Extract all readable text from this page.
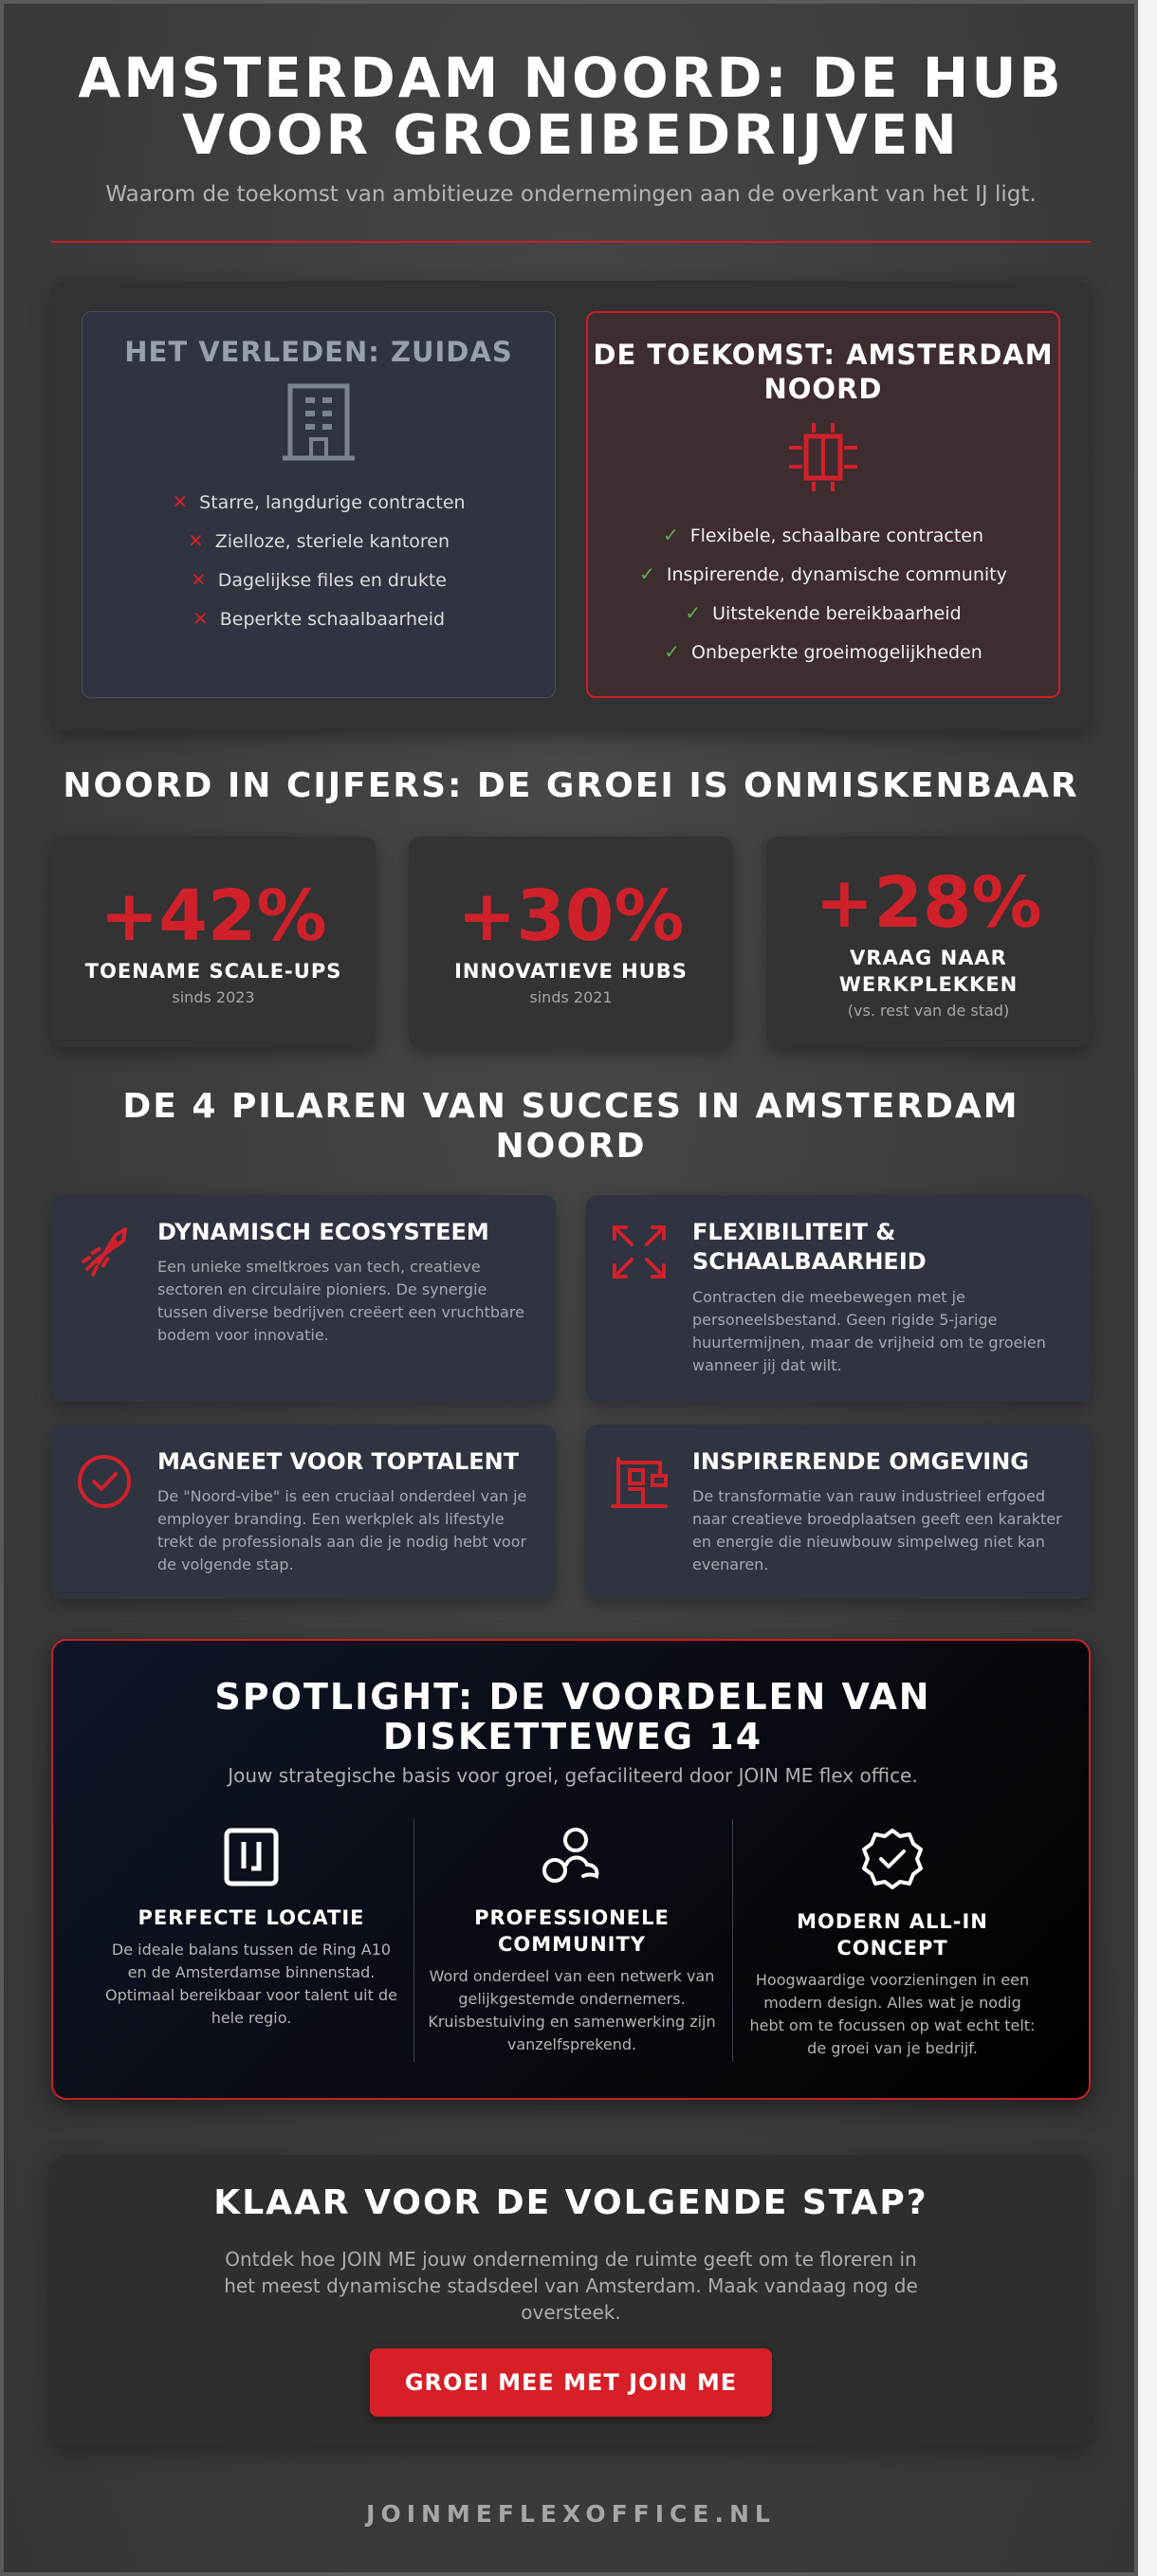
AMSTERDAM NOORD: DE HUB VOOR GROEIBEDRIJVEN

Waarom de toekomst van ambitieuze ondernemingen aan de overkant van het IJ ligt.

HET VERLEDEN: ZUIDAS
✕ Starre, langdurige contracten
✕ Zielloze, steriele kantoren
✕ Dagelijkse files en drukte
✕ Beperkte schaalbaarheid
DE TOEKOMST: AMSTERDAM NOORD
✓ Flexibele, schaalbare contracten
✓ Inspirerende, dynamische community
✓ Uitstekende bereikbaarheid
✓ Onbeperkte groeimogelijkheden
NOORD IN CIJFERS: DE GROEI IS ONMISKENBAAR
+42%
TOENAME SCALE-UPS
sinds 2023
+30%
INNOVATIEVE HUBS
sinds 2021
+28%
VRAAG NAAR WERKPLEKKEN
(vs. rest van de stad)
DE 4 PILAREN VAN SUCCES IN AMSTERDAM NOORD
DYNAMISCH ECOSYSTEEM
Een unieke smeltkroes van tech, creatieve sectoren en circulaire pioniers. De synergie tussen diverse bedrijven creëert een vruchtbare bodem voor innovatie.
FLEXIBILITEIT & SCHAALBAARHEID
Contracten die meebewegen met je personeelsbestand. Geen rigide 5-jarige huurtermijnen, maar de vrijheid om te groeien wanneer jij dat wilt.
MAGNEET VOOR TOPTALENT
De "Noord-vibe" is een cruciaal onderdeel van je employer branding. Een werkplek als lifestyle trekt de professionals aan die je nodig hebt voor de volgende stap.
INSPIRERENDE OMGEVING
De transformatie van rauw industrieel erfgoed naar creatieve broedplaatsen geeft een karakter en energie die nieuwbouw simpelweg niet kan evenaren.
SPOTLIGHT: DE VOORDELEN VAN DISKETTEWEG 14

Jouw strategische basis voor groei, gefaciliteerd door JOIN ME flex office.

PERFECTE LOCATIE
De ideale balans tussen de Ring A10 en de Amsterdamse binnenstad. Optimaal bereikbaar voor talent uit de hele regio.
PROFESSIONELE COMMUNITY
Word onderdeel van een netwerk van gelijkgestemde ondernemers. Kruisbestuiving en samenwerking zijn vanzelfsprekend.
MODERN ALL-IN CONCEPT
Hoogwaardige voorzieningen in een modern design. Alles wat je nodig hebt om te focussen op wat echt telt: de groei van je bedrijf.
KLAAR VOOR DE VOLGENDE STAP?

Ontdek hoe JOIN ME jouw onderneming de ruimte geeft om te floreren in het meest dynamische stadsdeel van Amsterdam. Maak vandaag nog de oversteek.

GROEI MEE MET JOIN ME
JOINMEFLEXOFFICE.NL
